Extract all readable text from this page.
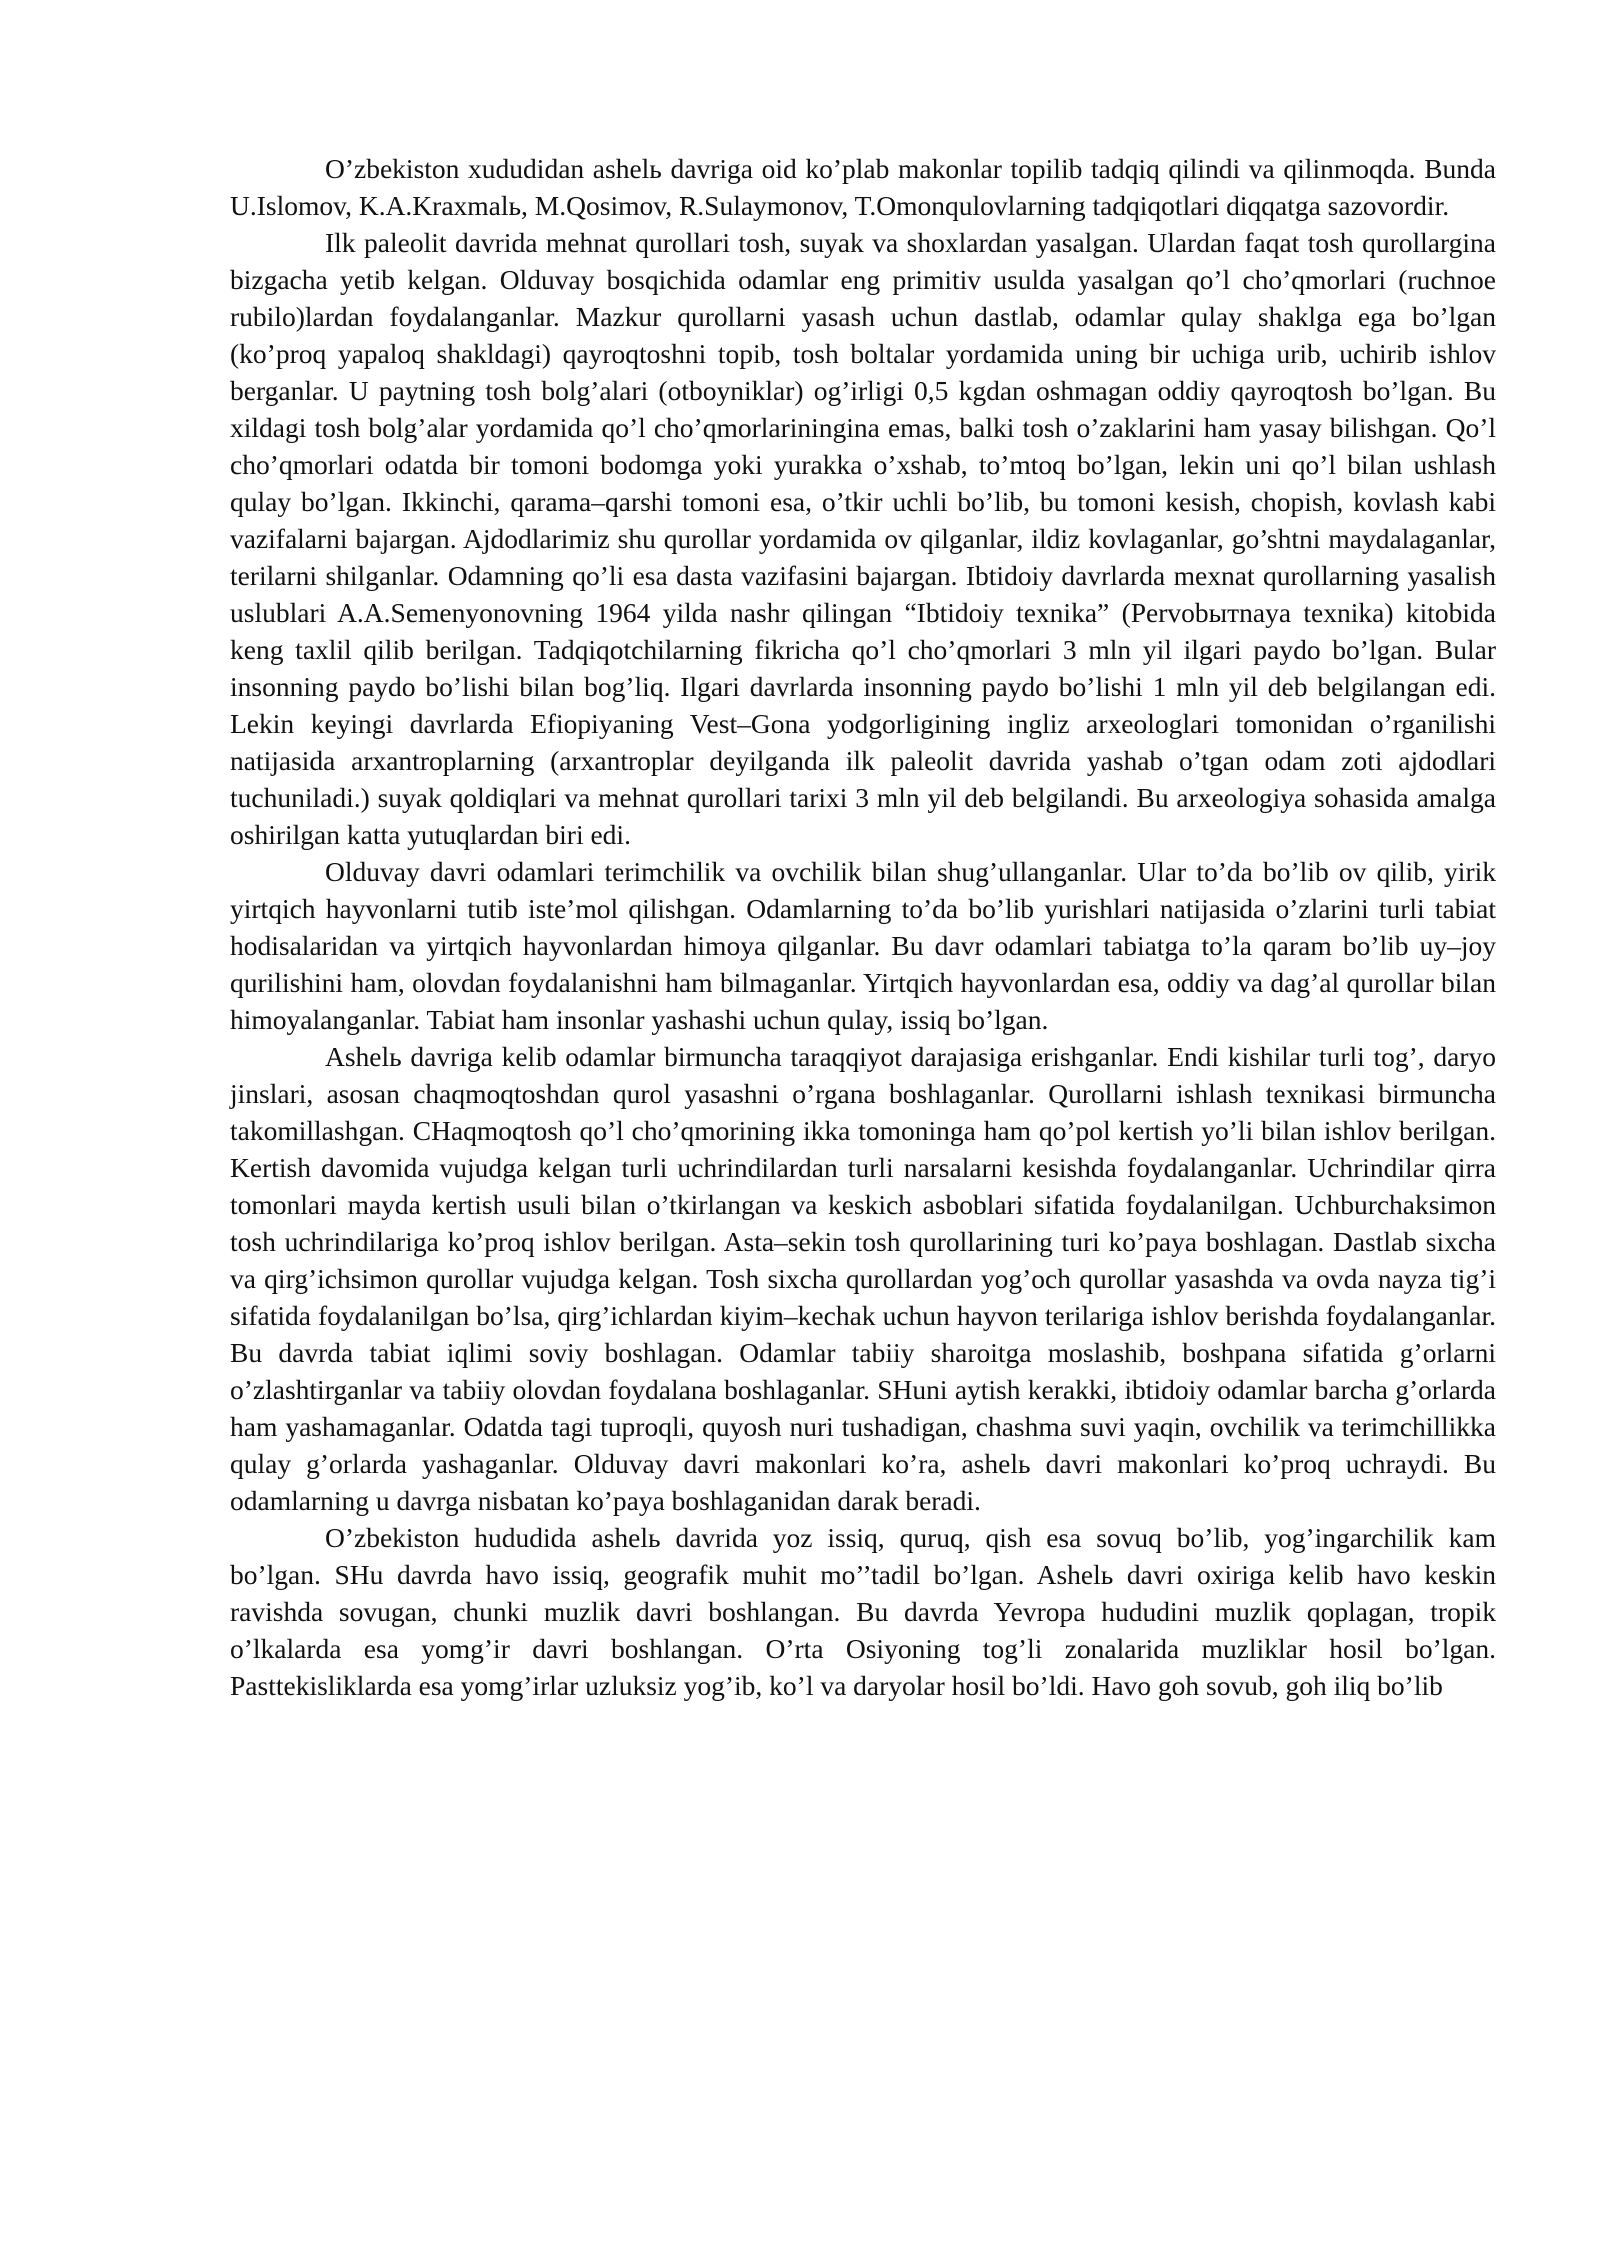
O’zbekiston xududidan ashelь davriga oid ko’plab makonlar topilib tadqiq qilindi va qilinmoqda. Bunda U.Islomov, K.A.Kraxmalь, M.Qosimov, R.Sulaymonov, T.Omonqulovlarning tadqiqotlari diqqatga sazovordir.

Ilk paleolit davrida mehnat qurollari tosh, suyak va shoxlardan yasalgan. Ulardan faqat tosh qurollargina bizgacha yetib kelgan. Olduvay bosqichida odamlar eng primitiv usulda yasalgan qo’l cho’qmorlari (ruchnoe rubilo)lardan foydalanganlar. Mazkur qurollarni yasash uchun dastlab, odamlar qulay shaklga ega bo’lgan (ko’proq yapaloq shakldagi) qayroqtoshni topib, tosh boltalar yordamida uning bir uchiga urib, uchirib ishlov berganlar. U paytning tosh bolg’alari (otboyniklar) og’irligi 0,5 kgdan oshmagan oddiy qayroqtosh bo’lgan. Bu xildagi tosh bolg’alar yordamida qo’l cho’qmorlariningina emas, balki tosh o’zaklarini ham yasay bilishgan. Qo’l cho’qmorlari odatda bir tomoni bodomga yoki yurakka o’xshab, to’mtoq bo’lgan, lekin uni qo’l bilan ushlash qulay bo’lgan. Ikkinchi, qarama–qarshi tomoni esa, o’tkir uchli bo’lib, bu tomoni kesish, chopish, kovlash kabi vazifalarni bajargan. Ajdodlarimiz shu qurollar yordamida ov qilganlar, ildiz kovlaganlar, go’shtni maydalaganlar, terilarni shilganlar. Odamning qo’li esa dasta vazifasini bajargan. Ibtidoiy davrlarda mexnat qurollarning yasalish uslublari A.A.Semenyonovning 1964 yilda nashr qilingan “Ibtidoiy texnika” (Pervobытnaya texnika) kitobida keng taxlil qilib berilgan. Tadqiqotchilarning fikricha qo’l cho’qmorlari 3 mln yil ilgari paydo bo’lgan. Bular insonning paydo bo’lishi bilan bog’liq. Ilgari davrlarda insonning paydo bo’lishi 1 mln yil deb belgilangan edi. Lekin keyingi davrlarda Efiopiyaning Vest–Gona yodgorligining ingliz arxeologlari tomonidan o’rganilishi natijasida arxantroplarning (arxantroplar deyilganda ilk paleolit davrida yashab o’tgan odam zoti ajdodlari tuchuniladi.) suyak qoldiqlari va mehnat qurollari tarixi 3 mln yil deb belgilandi. Bu arxeologiya sohasida amalga oshirilgan katta yutuqlardan biri edi.

Olduvay davri odamlari terimchilik va ovchilik bilan shug’ullanganlar. Ular to’da bo’lib ov qilib, yirik yirtqich hayvonlarni tutib iste’mol qilishgan. Odamlarning to’da bo’lib yurishlari natijasida o’zlarini turli tabiat hodisalaridan va yirtqich hayvonlardan himoya qilganlar. Bu davr odamlari tabiatga to’la qaram bo’lib uy–joy qurilishini ham, olovdan foydalanishni ham bilmaganlar. Yirtqich hayvonlardan esa, oddiy va dag’al qurollar bilan himoyalanganlar. Tabiat ham insonlar yashashi uchun qulay, issiq bo’lgan.

Ashelь davriga kelib odamlar birmuncha taraqqiyot darajasiga erishganlar. Endi kishilar turli tog’, daryo jinslari, asosan chaqmoqtoshdan qurol yasashni o’rgana boshlaganlar. Qurollarni ishlash texnikasi birmuncha takomillashgan. CHaqmoqtosh qo’l cho’qmorining ikka tomoninga ham qo’pol kertish yo’li bilan ishlov berilgan. Kertish davomida vujudga kelgan turli uchrindilardan turli narsalarni kesishda foydalanganlar. Uchrindilar qirra tomonlari mayda kertish usuli bilan o’tkirlangan va keskich asboblari sifatida foydalanilgan. Uchburchaksimon tosh uchrindilariga ko’proq ishlov berilgan. Asta–sekin tosh qurollarining turi ko’paya boshlagan. Dastlab sixcha va qirg’ichsimon qurollar vujudga kelgan. Tosh sixcha qurollardan yog’och qurollar yasashda va ovda nayza tig’i sifatida foydalanilgan bo’lsa, qirg’ichlardan kiyim–kechak uchun hayvon terilariga ishlov berishda foydalanganlar. Bu davrda tabiat iqlimi soviy boshlagan. Odamlar tabiiy sharoitga moslashib, boshpana sifatida g’orlarni o’zlashtirganlar va tabiiy olovdan foydalana boshlaganlar. SHuni aytish kerakki, ibtidoiy odamlar barcha g’orlarda ham yashamaganlar. Odatda tagi tuproqli, quyosh nuri tushadigan, chashma suvi yaqin, ovchilik va terimchillikka qulay g’orlarda yashaganlar. Olduvay davri makonlari ko’ra, ashelь davri makonlari ko’proq uchraydi. Bu odamlarning u davrga nisbatan ko’paya boshlaganidan darak beradi.

O’zbekiston hududida ashelь davrida yoz issiq, quruq, qish esa sovuq bo’lib, yog’ingarchilik kam bo’lgan. SHu davrda havo issiq, geografik muhit mo’’tadil bo’lgan. Ashelь davri oxiriga kelib havo keskin ravishda sovugan, chunki muzlik davri boshlangan. Bu davrda Yevropa hududini muzlik qoplagan, tropik o’lkalarda esa yomg’ir davri boshlangan. O’rta Osiyoning tog’li zonalarida muzliklar hosil bo’lgan. Pasttekisliklarda esa yomg’irlar uzluksiz yog’ib, ko’l va daryolar hosil bo’ldi. Havo goh sovub, goh iliq bo’lib
